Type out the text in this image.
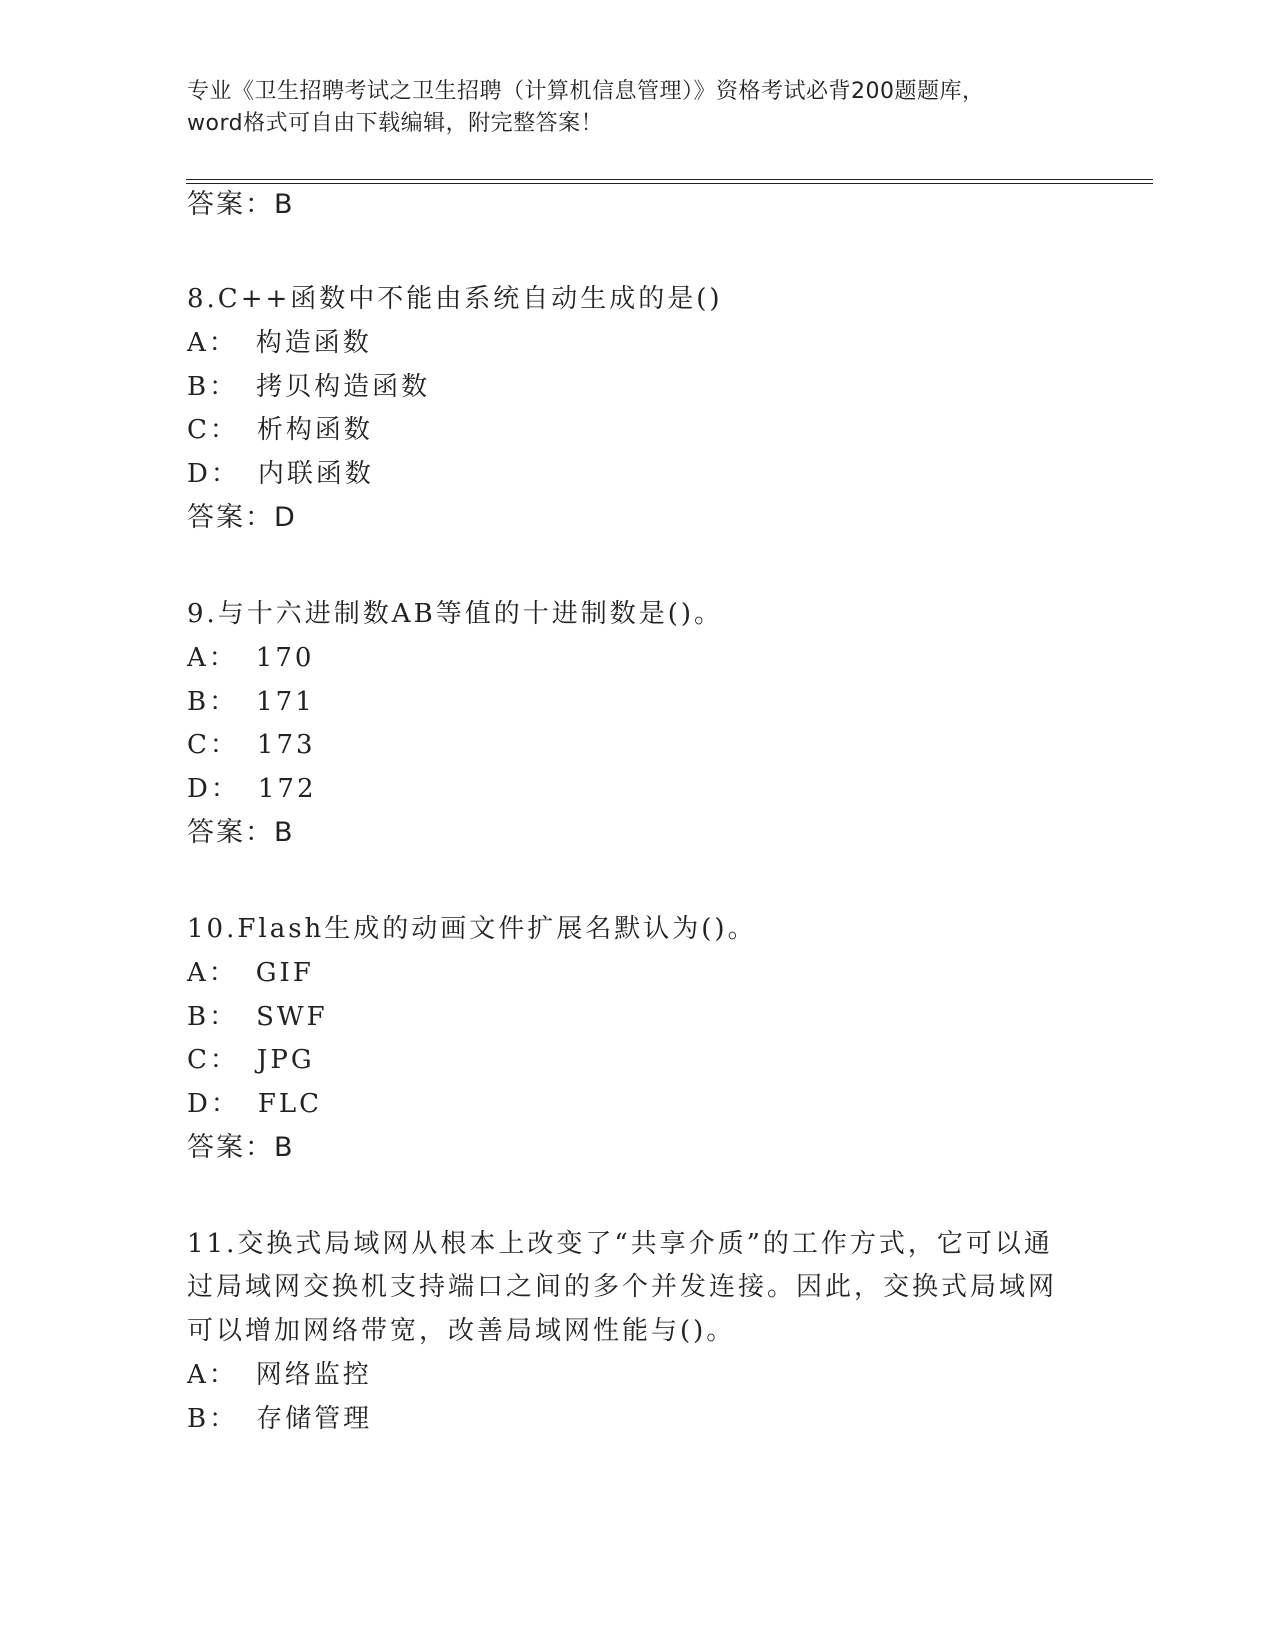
专业《卫生招聘考试之卫生招聘（计算机信息管理）》资格考试必背200题题库，
word格式可自由下载编辑，附完整答案！
答案：B
8.C++函数中不能由系统自动生成的是()
A： 构造函数
B： 拷贝构造函数
C： 析构函数
D： 内联函数
答案：D
9.与十六进制数AB等值的十进制数是()。
A： 170
B： 171
C： 173
D： 172
答案：B
10.Flash生成的动画文件扩展名默认为()。
A： GIF
B： SWF
C： JPG
D： FLC
答案：B
11.交换式局域网从根本上改变了“共享介质”的工作方式，它可以通
过局域网交换机支持端口之间的多个并发连接。因此，交换式局域网
可以增加网络带宽，改善局域网性能与()。
A： 网络监控
B： 存储管理
